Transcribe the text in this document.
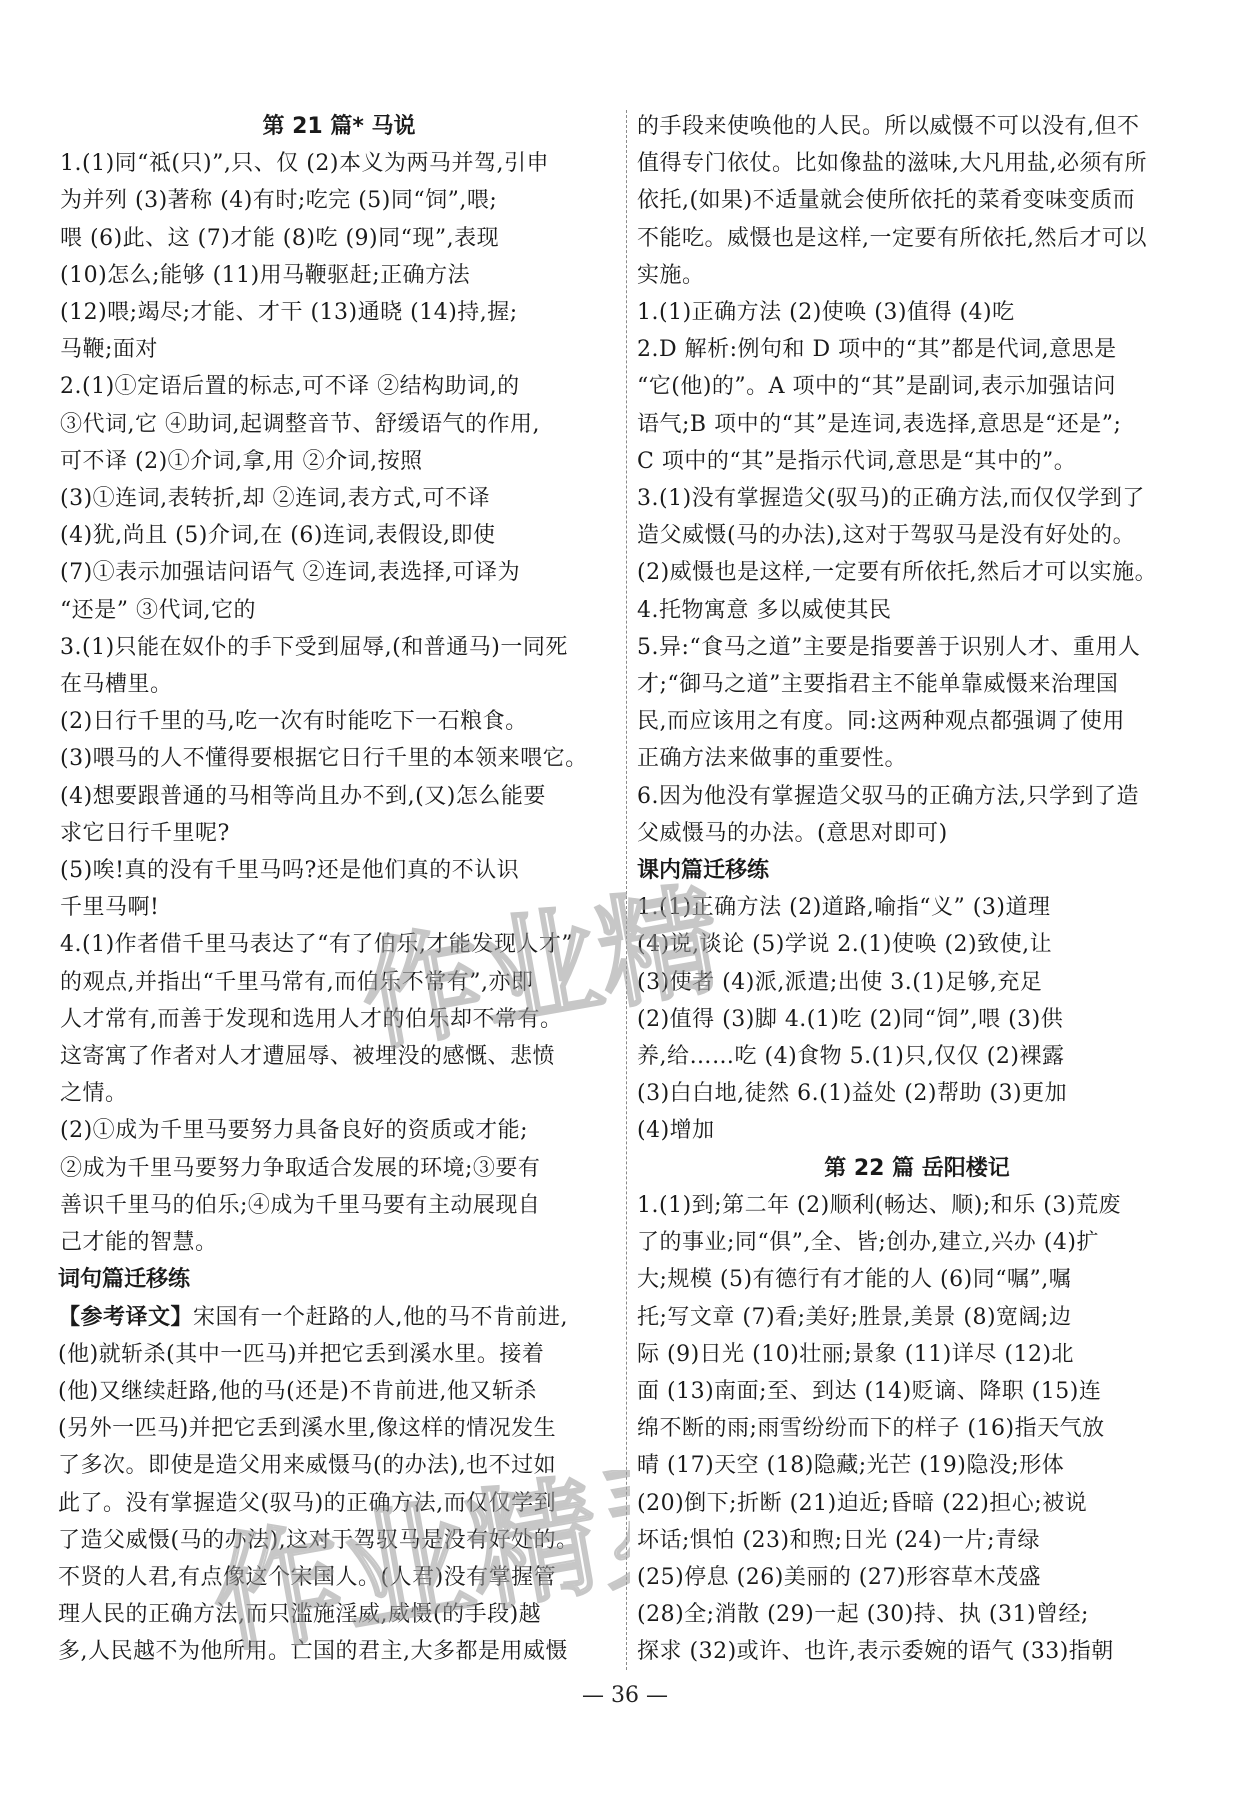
第 21 篇* 马说

1.(1)同“祗(只)”,只、仅 (2)本义为两马并驾,引申

为并列 (3)著称 (4)有时;吃完 (5)同“饲”,喂;

喂 (6)此、这 (7)才能 (8)吃 (9)同“现”,表现

(10)怎么;能够 (11)用马鞭驱赶;正确方法

(12)喂;竭尽;才能、才干 (13)通晓 (14)持,握;

马鞭;面对

2.(1)①定语后置的标志,可不译 ②结构助词,的

③代词,它 ④助词,起调整音节、舒缓语气的作用,

可不译 (2)①介词,拿,用 ②介词,按照

(3)①连词,表转折,却 ②连词,表方式,可不译

(4)犹,尚且 (5)介词,在 (6)连词,表假设,即使

(7)①表示加强诘问语气 ②连词,表选择,可译为

“还是” ③代词,它的

3.(1)只能在奴仆的手下受到屈辱,(和普通马)一同死

在马槽里。

(2)日行千里的马,吃一次有时能吃下一石粮食。

(3)喂马的人不懂得要根据它日行千里的本领来喂它。

(4)想要跟普通的马相等尚且办不到,(又)怎么能要

求它日行千里呢?

(5)唉!真的没有千里马吗?还是他们真的不认识

千里马啊!

4.(1)作者借千里马表达了“有了伯乐,才能发现人才”

的观点,并指出“千里马常有,而伯乐不常有”,亦即

人才常有,而善于发现和选用人才的伯乐却不常有。

这寄寓了作者对人才遭屈辱、被埋没的感慨、悲愤

之情。

(2)①成为千里马要努力具备良好的资质或才能;

②成为千里马要努力争取适合发展的环境;③要有

善识千里马的伯乐;④成为千里马要有主动展现自

己才能的智慧。

词句篇迁移练

【参考译文】宋国有一个赶路的人,他的马不肯前进,

(他)就斩杀(其中一匹马)并把它丢到溪水里。接着

(他)又继续赶路,他的马(还是)不肯前进,他又斩杀

(另外一匹马)并把它丢到溪水里,像这样的情况发生

了多次。即使是造父用来威慑马(的办法),也不过如

此了。没有掌握造父(驭马)的正确方法,而仅仅学到

了造父威慑(马的办法),这对于驾驭马是没有好处的。

不贤的人君,有点像这个宋国人。(人君)没有掌握管

理人民的正确方法,而只滥施淫威,威慑(的手段)越

多,人民越不为他所用。亡国的君主,大多都是用威慑

的手段来使唤他的人民。所以威慑不可以没有,但不

值得专门依仗。比如像盐的滋味,大凡用盐,必须有所

依托,(如果)不适量就会使所依托的菜肴变味变质而

不能吃。威慑也是这样,一定要有所依托,然后才可以

实施。

1.(1)正确方法 (2)使唤 (3)值得 (4)吃

2.D 解析:例句和 D 项中的“其”都是代词,意思是

“它(他)的”。A 项中的“其”是副词,表示加强诘问

语气;B 项中的“其”是连词,表选择,意思是“还是”;

C 项中的“其”是指示代词,意思是“其中的”。

3.(1)没有掌握造父(驭马)的正确方法,而仅仅学到了

造父威慑(马的办法),这对于驾驭马是没有好处的。

(2)威慑也是这样,一定要有所依托,然后才可以实施。

4.托物寓意 多以威使其民

5.异:“食马之道”主要是指要善于识别人才、重用人

才;“御马之道”主要指君主不能单靠威慑来治理国

民,而应该用之有度。同:这两种观点都强调了使用

正确方法来做事的重要性。

6.因为他没有掌握造父驭马的正确方法,只学到了造

父威慑马的办法。(意思对即可)

课内篇迁移练

1.(1)正确方法 (2)道路,喻指“义” (3)道理

(4)说,谈论 (5)学说 2.(1)使唤 (2)致使,让

(3)使者 (4)派,派遣;出使 3.(1)足够,充足

(2)值得 (3)脚 4.(1)吃 (2)同“饲”,喂 (3)供

养,给……吃 (4)食物 5.(1)只,仅仅 (2)裸露

(3)白白地,徒然 6.(1)益处 (2)帮助 (3)更加

(4)增加

第 22 篇 岳阳楼记

1.(1)到;第二年 (2)顺利(畅达、顺);和乐 (3)荒废

了的事业;同“俱”,全、皆;创办,建立,兴办 (4)扩

大;规模 (5)有德行有才能的人 (6)同“嘱”,嘱

托;写文章 (7)看;美好;胜景,美景 (8)宽阔;边

际 (9)日光 (10)壮丽;景象 (11)详尽 (12)北

面 (13)南面;至、到达 (14)贬谪、降职 (15)连

绵不断的雨;雨雪纷纷而下的样子 (16)指天气放

晴 (17)天空 (18)隐藏;光芒 (19)隐没;形体

(20)倒下;折断 (21)迫近;昏暗 (22)担心;被说

坏话;惧怕 (23)和煦;日光 (24)一片;青绿

(25)停息 (26)美丽的 (27)形容草木茂盛

(28)全;消散 (29)一起 (30)持、执 (31)曾经;

探求 (32)或许、也许,表示委婉的语气 (33)指朝

作业精灵
作业精灵
— 36 —
